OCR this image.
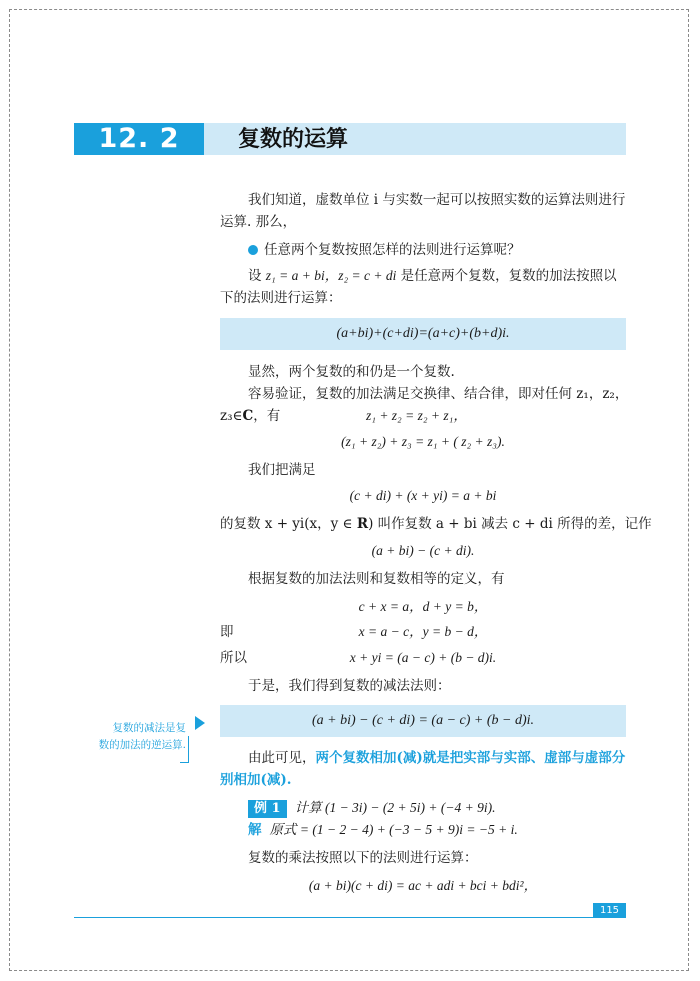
12. 2	复数的运算
我们知道，虚数单位 i 与实数一起可以按照实数的运算法则进行
运算. 那么，
任意两个复数按照怎样的法则进行运算呢？
设 z₁ = a + bi，z₂ = c + di 是任意两个复数，复数的加法按照以
下的法则进行运算：
(a+bi)+(c+di)=(a+c)+(b+d)i.
显然，两个复数的和仍是一个复数.
容易验证，复数的加法满足交换律、结合律，即对任何 z₁，z₂，
z₃∈C，有	z₁ + z₂ = z₂ + z₁，
(z₁ + z₂) + z₃ = z₁ + ( z₂ + z₃).
我们把满足
(c + di) + (x + yi) = a + bi
的复数 x + yi(x，y ∈ R) 叫作复数 a + bi 减去 c + di 所得的差，记作
(a + bi) − (c + di).
根据复数的加法法则和复数相等的定义，有
c + x = a，d + y = b，
即	x = a − c，y = b − d，
所以	x + yi = (a − c) + (b − d)i.
于是，我们得到复数的减法法则：
复数的减法是复
数的加法的逆运算.
(a + bi) − (c + di) = (a − c) + (b − d)i.
由此可见，两个复数相加(减)就是把实部与实部、虚部与虚部分
别相加(减).
例 1 计算 (1 − 3i) − (2 + 5i) + (−4 + 9i).
解 原式 = (1 − 2 − 4) + (−3 − 5 + 9)i = −5 + i.
复数的乘法按照以下的法则进行运算：
(a + bi)(c + di) = ac + adi + bci + bdi²，
115
